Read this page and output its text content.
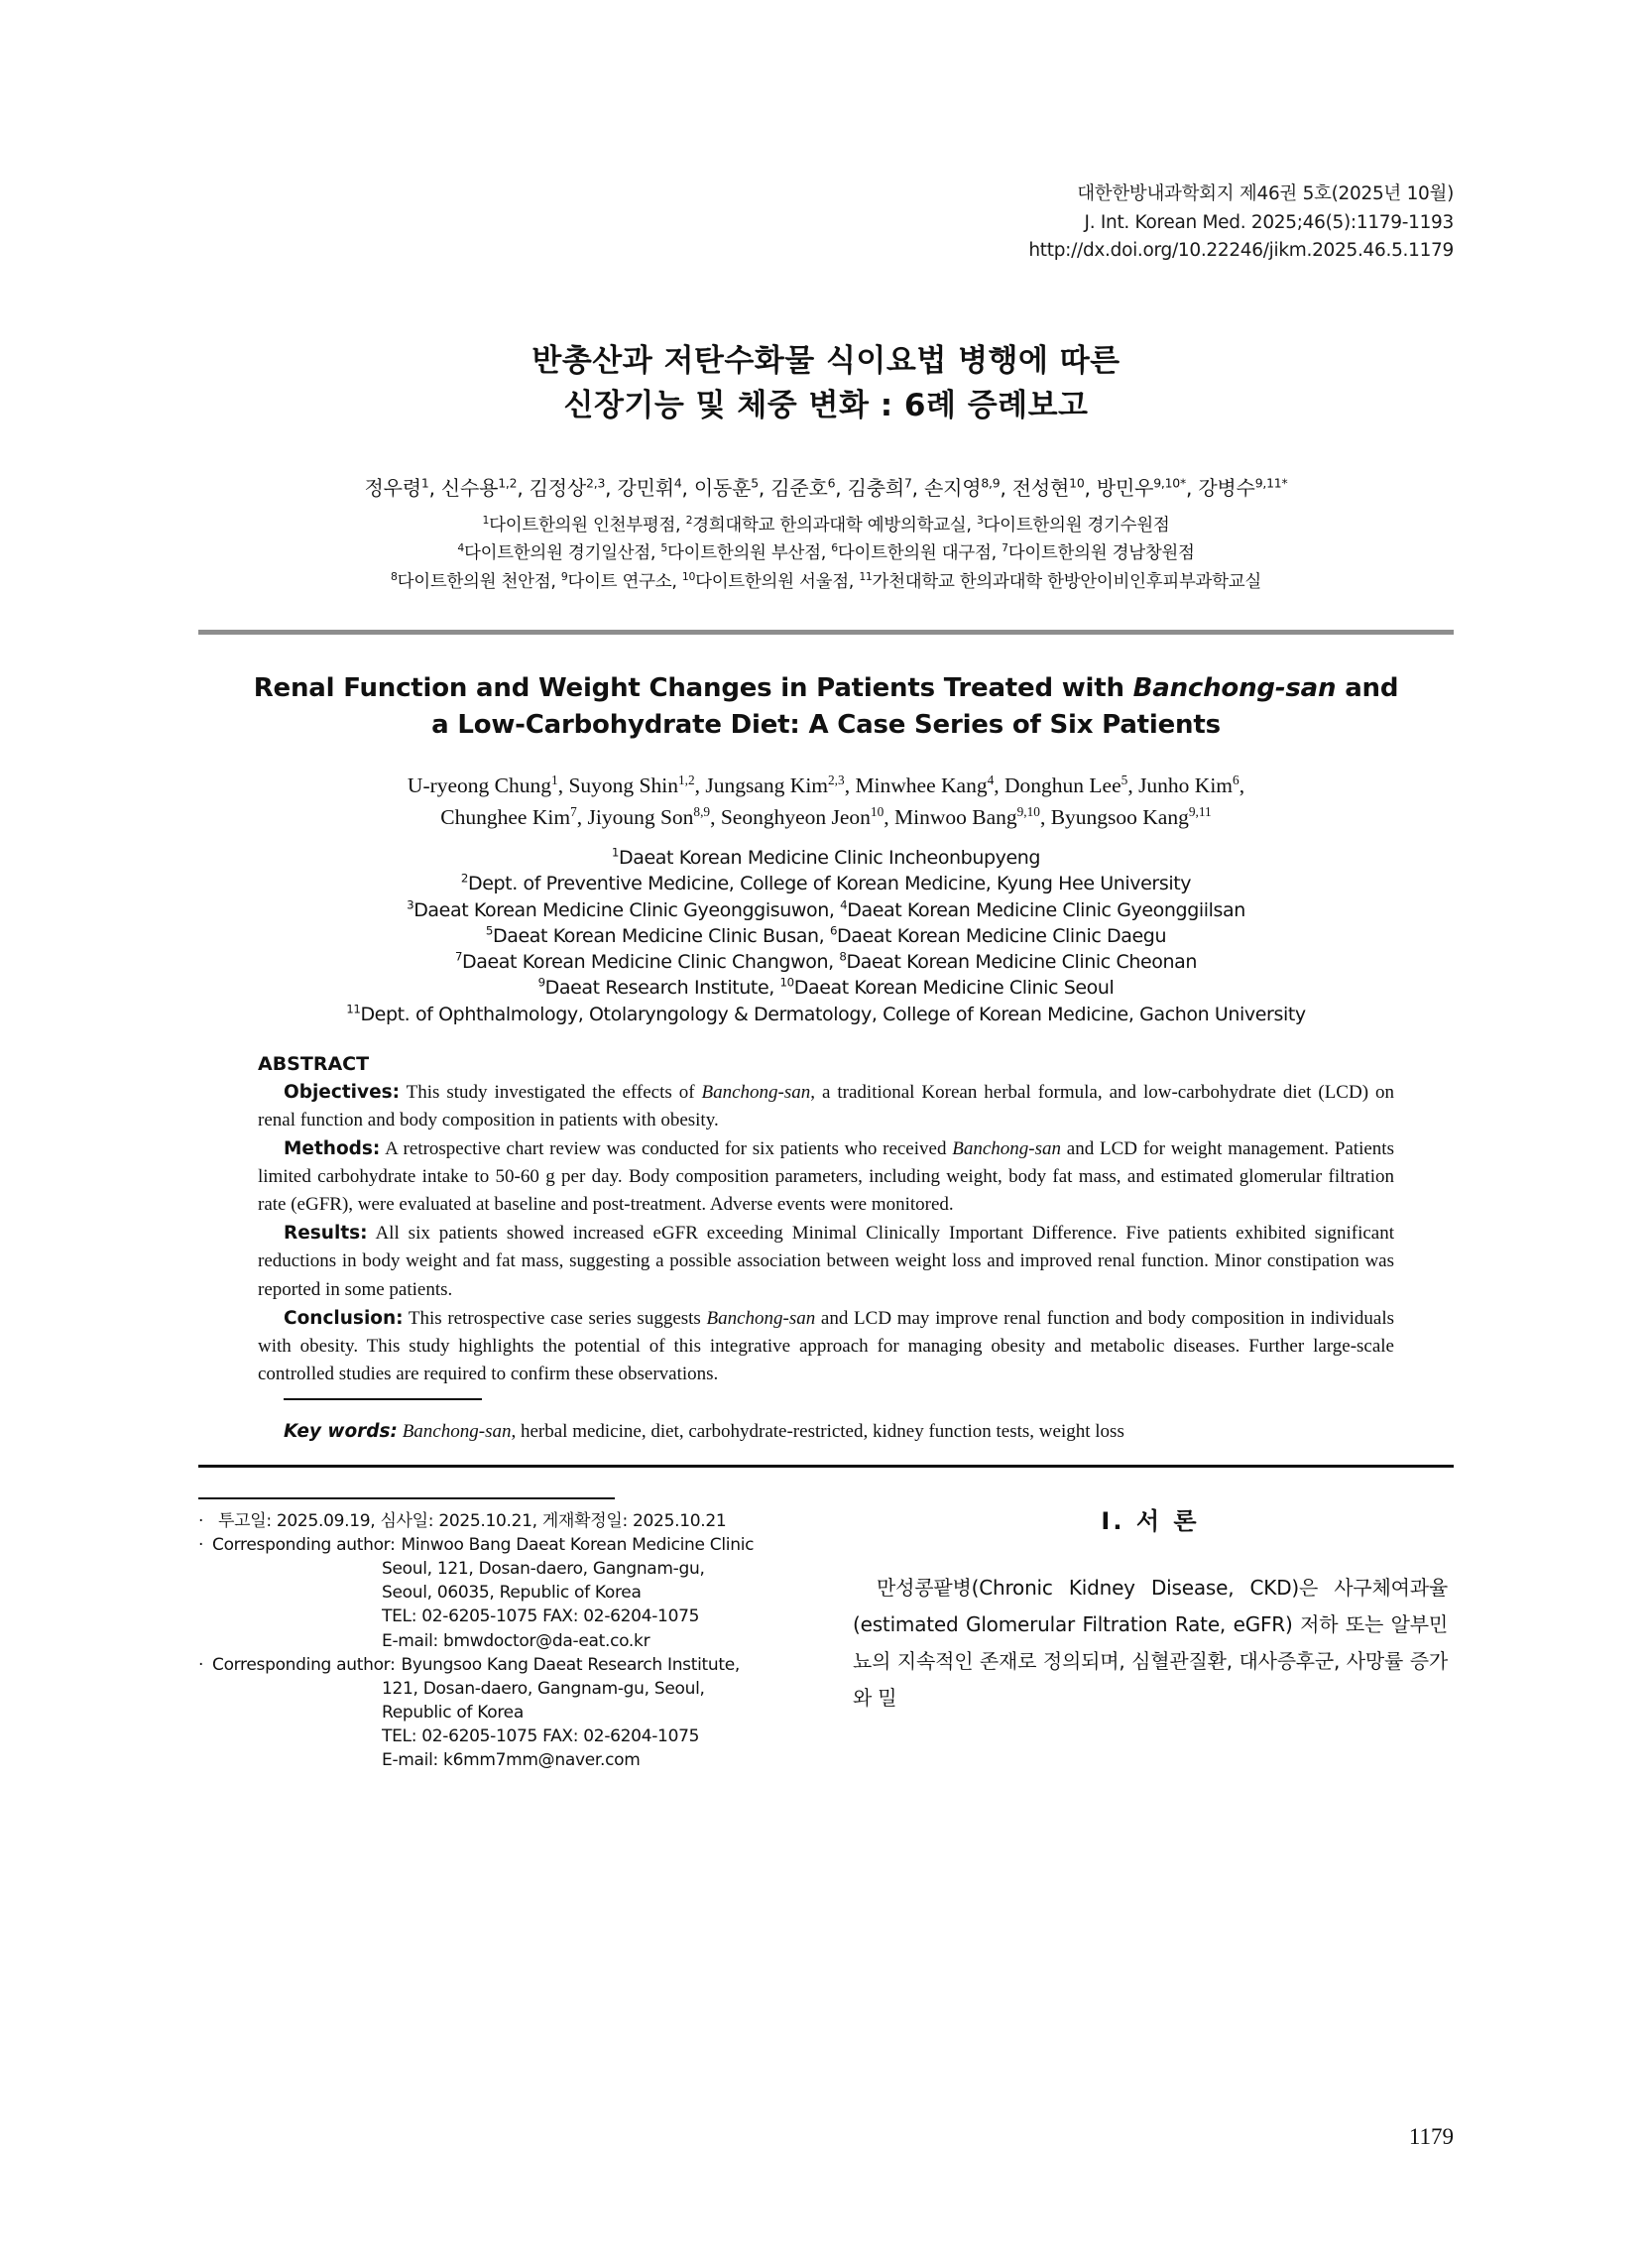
대한한방내과학회지 제46권 5호(2025년 10월)
J. Int. Korean Med. 2025;46(5):1179-1193
http://dx.doi.org/10.22246/jikm.2025.46.5.1179
반총산과 저탄수화물 식이요법 병행에 따른
신장기능 및 체중 변화 : 6례 증례보고
정우령$^1$, 신수용$^{1,2}$, 김정상$^{2,3}$, 강민휘$^4$, 이동훈$^5$, 김준호$^6$, 김충희$^7$, 손지영$^{8,9}$, 전성현$^{10}$, 방민우$^{9,10*}$, 강병수$^{9,11*}$
$^1$다이트한의원 인천부평점, $^2$경희대학교 한의과대학 예방의학교실, $^3$다이트한의원 경기수원점
$^4$다이트한의원 경기일산점, $^5$다이트한의원 부산점, $^6$다이트한의원 대구점, $^7$다이트한의원 경남창원점
$^8$다이트한의원 천안점, $^9$다이트 연구소, $^{10}$다이트한의원 서울점, $^{11}$가천대학교 한의과대학 한방안이비인후피부과학교실
Renal Function and Weight Changes in Patients Treated with Banchong-san and
a Low-Carbohydrate Diet: A Case Series of Six Patients
U-ryeong Chung$^1$, Suyong Shin$^{1,2}$, Jungsang Kim$^{2,3}$, Minwhee Kang$^4$, Donghun Lee$^5$, Junho Kim$^6$,
Chunghee Kim$^7$, Jiyoung Son$^{8,9}$, Seonghyeon Jeon$^{10}$, Minwoo Bang$^{9,10}$, Byungsoo Kang$^{9,11}$
$^1$Daeat Korean Medicine Clinic Incheonbupyeng
$^2$Dept. of Preventive Medicine, College of Korean Medicine, Kyung Hee University
$^3$Daeat Korean Medicine Clinic Gyeonggisuwon, $^4$Daeat Korean Medicine Clinic Gyeonggiilsan
$^5$Daeat Korean Medicine Clinic Busan, $^6$Daeat Korean Medicine Clinic Daegu
$^7$Daeat Korean Medicine Clinic Changwon, $^8$Daeat Korean Medicine Clinic Cheonan
$^9$Daeat Research Institute, $^{10}$Daeat Korean Medicine Clinic Seoul
$^{11}$Dept. of Ophthalmology, Otolaryngology & Dermatology, College of Korean Medicine, Gachon University
ABSTRACT

Objectives: This study investigated the effects of Banchong-san, a traditional Korean herbal formula, and low-carbohydrate diet (LCD) on renal function and body composition in patients with obesity.

Methods: A retrospective chart review was conducted for six patients who received Banchong-san and LCD for weight management. Patients limited carbohydrate intake to 50-60 g per day. Body composition parameters, including weight, body fat mass, and estimated glomerular filtration rate (eGFR), were evaluated at baseline and post-treatment. Adverse events were monitored.

Results: All six patients showed increased eGFR exceeding Minimal Clinically Important Difference. Five patients exhibited significant reductions in body weight and fat mass, suggesting a possible association between weight loss and improved renal function. Minor constipation was reported in some patients.

Conclusion: This retrospective case series suggests Banchong-san and LCD may improve renal function and body composition in individuals with obesity. This study highlights the potential of this integrative approach for managing obesity and metabolic diseases. Further large-scale controlled studies are required to confirm these observations.

Key words: Banchong-san, herbal medicine, diet, carbohydrate-restricted, kidney function tests, weight loss
· 투고일: 2025.09.19, 심사일: 2025.10.21, 게재확정일: 2025.10.21
· Corresponding author: Minwoo Bang Daeat Korean Medicine Clinic
Seoul, 121, Dosan-daero, Gangnam-gu,
Seoul, 06035, Republic of Korea
TEL: 02-6205-1075 FAX: 02-6204-1075
E-mail: bmwdoctor@da-eat.co.kr
· Corresponding author: Byungsoo Kang Daeat Research Institute,
121, Dosan-daero, Gangnam-gu, Seoul,
Republic of Korea
TEL: 02-6205-1075 FAX: 02-6204-1075
E-mail: k6mm7mm@naver.com
Ⅰ. 서 론
만성콩팥병(Chronic Kidney Disease, CKD)은 사구체여과율(estimated Glomerular Filtration Rate, eGFR) 저하 또는 알부민뇨의 지속적인 존재로 정의되며, 심혈관질환, 대사증후군, 사망률 증가와 밀
1179
